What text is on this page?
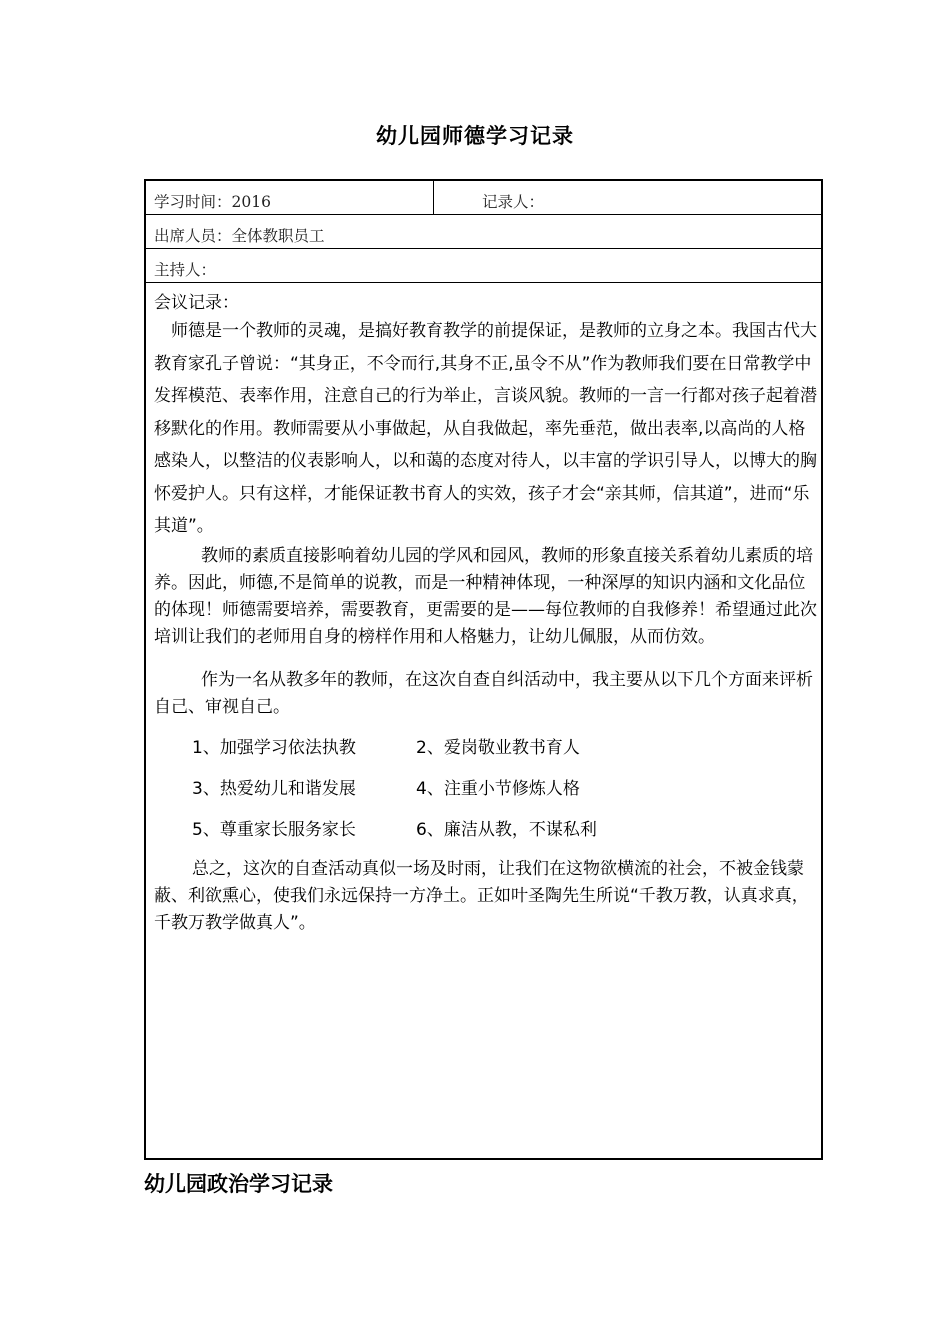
幼儿园师德学习记录
学习时间：2016	记录人：
出席人员：全体教职员工
主持人：

会议记录：

师德是一个教师的灵魂，是搞好教育教学的前提保证，是教师的立身之本。我国古代大教育家孔子曾说：“其身正，不令而行,其身不正,虽令不从”作为教师我们要在日常教学中发挥模范、表率作用，注意自己的行为举止，言谈风貌。教师的一言一行都对孩子起着潜移默化的作用。教师需要从小事做起，从自我做起，率先垂范，做出表率,以高尚的人格感染人，以整洁的仪表影响人，以和蔼的态度对待人，以丰富的学识引导人，以博大的胸怀爱护人。只有这样，才能保证教书育人的实效，孩子才会“亲其师，信其道”，进而“乐其道”。

教师的素质直接影响着幼儿园的学风和园风，教师的形象直接关系着幼儿素质的培养。因此，师德,不是简单的说教，而是一种精神体现，一种深厚的知识内涵和文化品位的体现！师德需要培养，需要教育，更需要的是——每位教师的自我修养！希望通过此次培训让我们的老师用自身的榜样作用和人格魅力，让幼儿佩服，从而仿效。

作为一名从教多年的教师，在这次自查自纠活动中，我主要从以下几个方面来评析自己、审视自己。

1、加强学习依法执教	2、爱岗敬业教书育人
3、热爱幼儿和谐发展	4、注重小节修炼人格
5、尊重家长服务家长	6、廉洁从教，不谋私利

总之，这次的自查活动真似一场及时雨，让我们在这物欲横流的社会，不被金钱蒙蔽、利欲熏心，使我们永远保持一方净土。正如叶圣陶先生所说“千教万教，认真求真，千教万教学做真人”。

幼儿园政治学习记录
